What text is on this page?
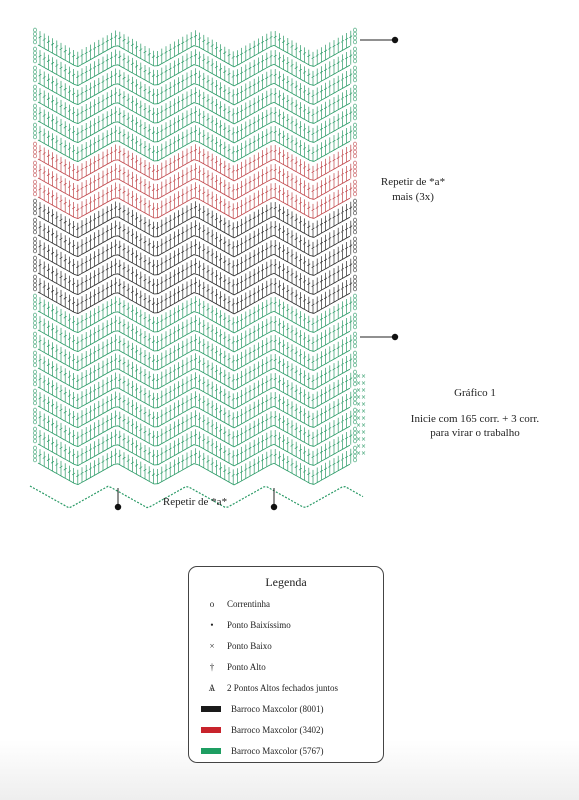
××
××
××
××
××
××
××
××
××
××
××
××
Repetir de *a*
mais (3x)
Repetir de *a*
Gráfico 1
Inicie com 165 corr. + 3 corr.
para virar o trabalho
Legenda
o	Correntinha
•	Ponto Baixíssimo
×	Ponto Baixo
†	Ponto Alto
Ѧ	2 Pontos Altos fechados juntos
Barroco Maxcolor (8001)
Barroco Maxcolor (3402)
Barroco Maxcolor (5767)
